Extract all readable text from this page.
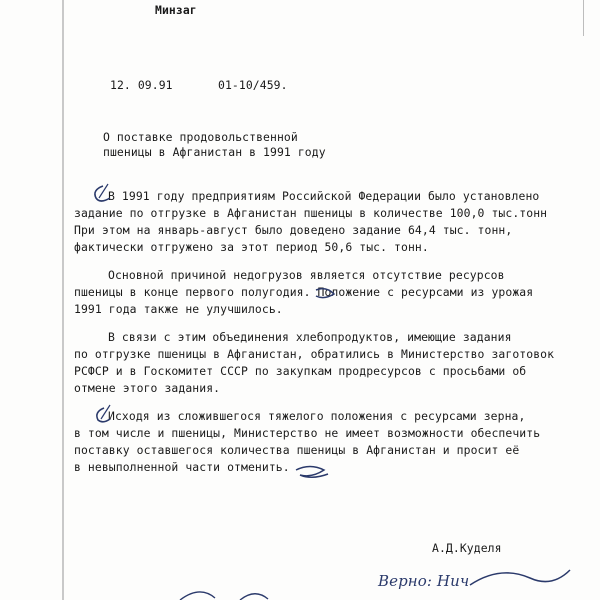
Минзаг
12. 09.91	01-10/459.
О поставке продовольственной
пшеницы в Афганистан в 1991 году
В 1991 году предприятиям Российской Федерации было установлено
задание по отгрузке в Афганистан пшеницы в количестве 100,0 тыс.тонн
При этом на январь-август было доведено задание 64,4 тыс. тонн,
фактически отгружено за этот период 50,6 тыс. тонн.
Основной причиной недогрузов является отсутствие ресурсов
пшеницы в конце первого полугодия. Положение с ресурсами из урожая
1991 года также не улучшилось.
В связи с этим объединения хлебопродуктов, имеющие задания
по отгрузке пшеницы в Афганистан, обратились в Министерство заготовок
РСФСР и в Госкомитет СССР по закупкам продресурсов с просьбами об
отмене этого задания.
Исходя из сложившегося тяжелого положения с ресурсами зерна,
в том числе и пшеницы, Министерство не имеет возможности обеспечить
поставку оставшегося количества пшеницы в Афганистан и просит её
в невыполненной части отменить.
А.Д.Куделя
Верно: Нич
